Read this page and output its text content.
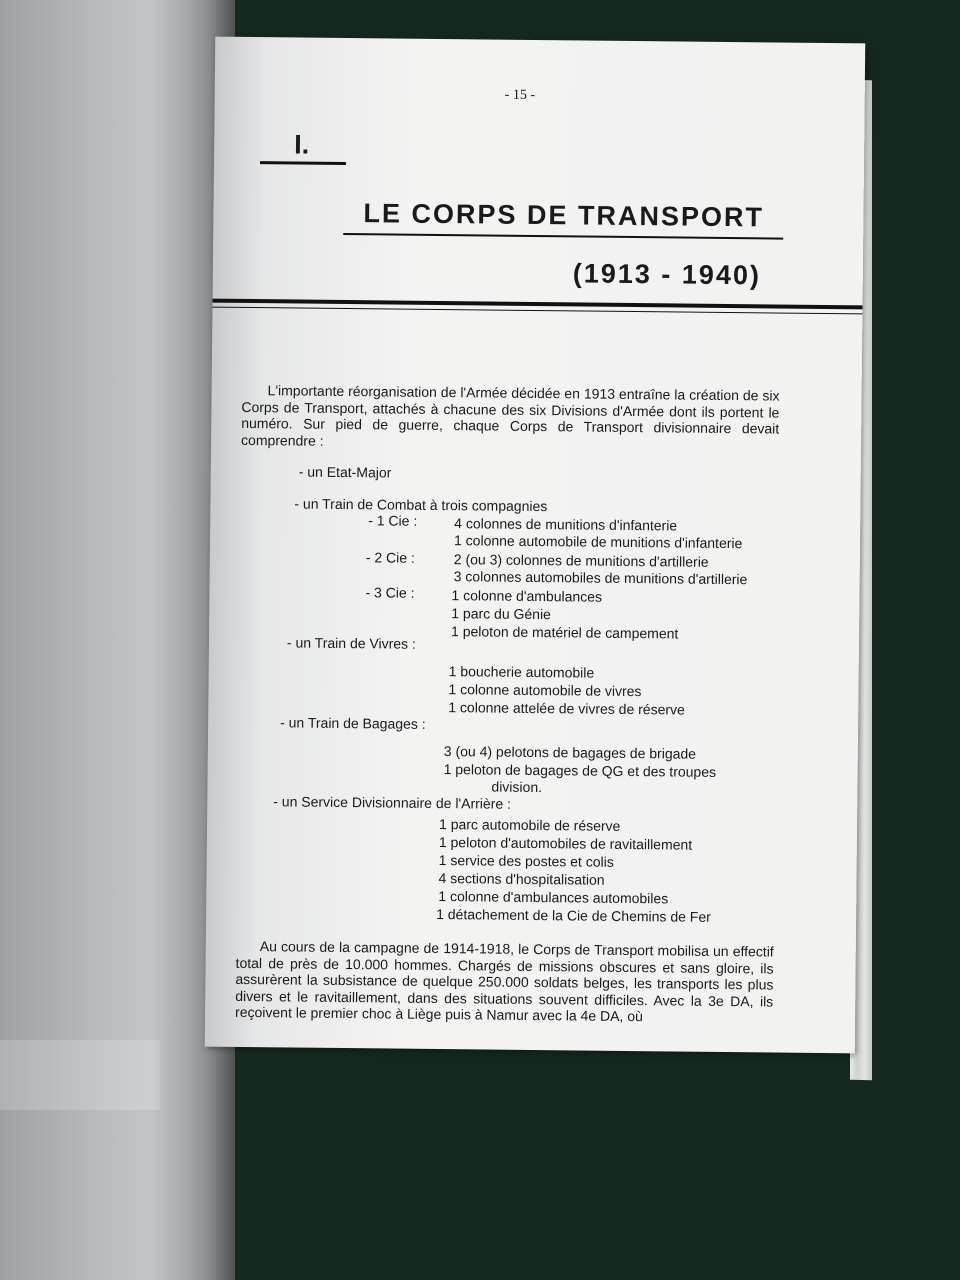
- 15 -
I.
LE CORPS DE TRANSPORT
(1913 - 1940)
L'importante réorganisation de l'Armée décidée en 1913 entraîne la création de six Corps de Transport, attachés à chacune des six Divisions d'Armée dont ils portent le numéro. Sur pied de guerre, chaque Corps de Transport divisionnaire devait comprendre :
- un Etat-Major
- un Train de Combat à trois compagnies
- 1 Cie :	4 colonnes de munitions d'infanterie
1 colonne automobile de munitions d'infanterie
- 2 Cie :	2 (ou 3) colonnes de munitions d'artillerie
3 colonnes automobiles de munitions d'artillerie
- 3 Cie :	1 colonne d'ambulances
1 parc du Génie
1 peloton de matériel de campement
- un Train de Vivres :
1 boucherie automobile
1 colonne automobile de vivres
1 colonne attelée de vivres de réserve
- un Train de Bagages :
3 (ou 4) pelotons de bagages de brigade
1 peloton de bagages de QG et des troupes
division.
- un Service Divisionnaire de l'Arrière :
1 parc automobile de réserve
1 peloton d'automobiles de ravitaillement
1 service des postes et colis
4 sections d'hospitalisation
1 colonne d'ambulances automobiles
1 détachement de la Cie de Chemins de Fer
Au cours de la campagne de 1914-1918, le Corps de Transport mobilisa un effectif total de près de 10.000 hommes. Chargés de missions obscures et sans gloire, ils assurèrent la subsistance de quelque 250.000 soldats belges, les transports les plus divers et le ravitaillement, dans des situations souvent difficiles. Avec la 3e DA, ils reçoivent le premier choc à Liège puis à Namur avec la 4e DA, où
